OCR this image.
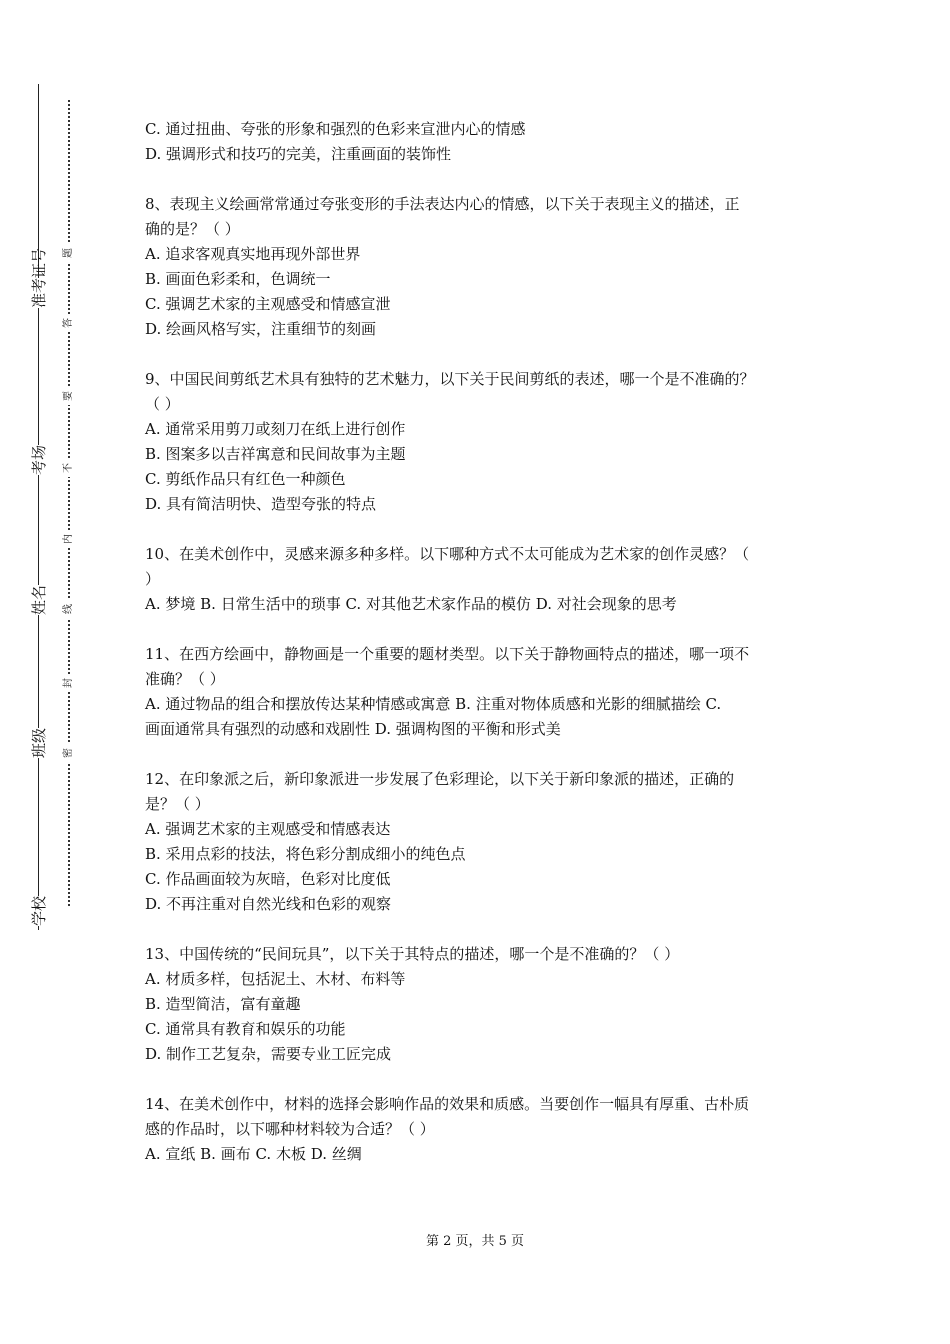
准考证号
考场
姓名
班级
学校
题
答
要
不
内
线
封
密
C. 通过扭曲、夸张的形象和强烈的色彩来宣泄内心的情感
D. 强调形式和技巧的完美，注重画面的装饰性
8、表现主义绘画常常通过夸张变形的手法表达内心的情感，以下关于表现主义的描述，正
确的是？（ ）
A. 追求客观真实地再现外部世界
B. 画面色彩柔和，色调统一
C. 强调艺术家的主观感受和情感宣泄
D. 绘画风格写实，注重细节的刻画
9、中国民间剪纸艺术具有独特的艺术魅力，以下关于民间剪纸的表述，哪一个是不准确的？
（ ）
A. 通常采用剪刀或刻刀在纸上进行创作
B. 图案多以吉祥寓意和民间故事为主题
C. 剪纸作品只有红色一种颜色
D. 具有简洁明快、造型夸张的特点
10、在美术创作中，灵感来源多种多样。以下哪种方式不太可能成为艺术家的创作灵感？（
）
A. 梦境 B. 日常生活中的琐事 C. 对其他艺术家作品的模仿 D. 对社会现象的思考
11、在西方绘画中，静物画是一个重要的题材类型。以下关于静物画特点的描述，哪一项不
准确？（ ）
A. 通过物品的组合和摆放传达某种情感或寓意 B. 注重对物体质感和光影的细腻描绘 C.
画面通常具有强烈的动感和戏剧性 D. 强调构图的平衡和形式美
12、在印象派之后，新印象派进一步发展了色彩理论，以下关于新印象派的描述，正确的
是？（ ）
A. 强调艺术家的主观感受和情感表达
B. 采用点彩的技法，将色彩分割成细小的纯色点
C. 作品画面较为灰暗，色彩对比度低
D. 不再注重对自然光线和色彩的观察
13、中国传统的“民间玩具”，以下关于其特点的描述，哪一个是不准确的？（ ）
A. 材质多样，包括泥土、木材、布料等
B. 造型简洁，富有童趣
C. 通常具有教育和娱乐的功能
D. 制作工艺复杂，需要专业工匠完成
14、在美术创作中，材料的选择会影响作品的效果和质感。当要创作一幅具有厚重、古朴质
感的作品时，以下哪种材料较为合适？（ ）
A. 宣纸 B. 画布 C. 木板 D. 丝绸
第 2 页，共 5 页
